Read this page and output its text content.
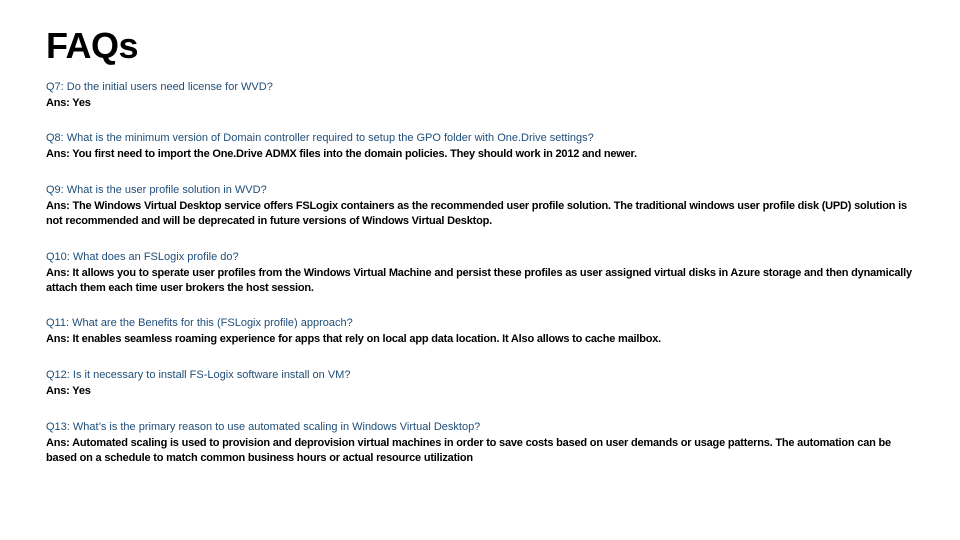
FAQs
Q7: Do the initial users need license for WVD?
Ans: Yes
Q8: What is the minimum version of Domain controller required to setup the GPO folder with One.Drive settings?
Ans: You first need to import the One.Drive ADMX files into the domain policies. They should work in 2012 and newer.
Q9: What is the user profile solution in WVD?
Ans: The Windows Virtual Desktop service offers FSLogix containers as the recommended user profile solution. The traditional windows user profile disk (UPD) solution is not recommended and will be deprecated in future versions of Windows Virtual Desktop.
Q10: What does an FSLogix profile do?
Ans: It allows you to sperate user profiles from the Windows Virtual Machine and persist these profiles as user assigned virtual disks in Azure storage and then dynamically attach them each time user brokers the host session.
Q11: What are the Benefits for this (FSLogix profile) approach?
Ans: It enables seamless roaming experience for apps that rely on local app data location. It Also allows to cache mailbox.
Q12: Is it necessary to install FS-Logix software install on VM?
Ans: Yes
Q13: What’s is the primary reason to use automated scaling in Windows Virtual Desktop?
Ans: Automated scaling is used to provision and deprovision virtual machines in order to save costs based on user demands or usage patterns. The automation can be based on a schedule to match common business hours or actual resource utilization
